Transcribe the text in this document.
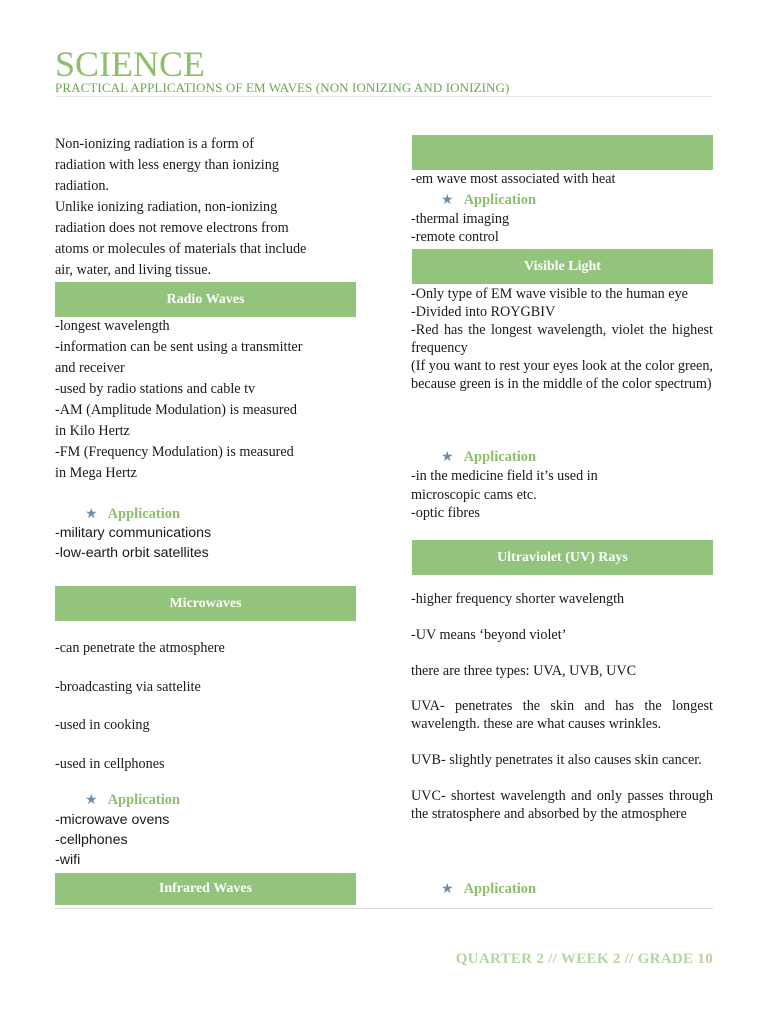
SCIENCE
PRACTICAL APPLICATIONS OF EM WAVES (NON IONIZING AND IONIZING)

Non-ionizing radiation is a form of

radiation with less energy than ionizing

radiation.

Unlike ionizing radiation, non-ionizing

radiation does not remove electrons from

atoms or molecules of materials that include

air, water, and living tissue.

Radio Waves

-longest wavelength

-information can be sent using a transmitter

and receiver

-used by radio stations and cable tv

-AM (Amplitude Modulation) is measured

in Kilo Hertz

-FM (Frequency Modulation) is measured

in Mega Hertz

★ Application

-military communications

-low-earth orbit satellites

Microwaves

-can penetrate the atmosphere

-broadcasting via sattelite

-used in cooking

-used in cellphones

★ Application

-microwave ovens

-cellphones

-wifi

Infrared Waves

-em wave most associated with heat

★ Application

-thermal imaging

-remote control

Visible Light

-Only type of EM wave visible to the human eye

-Divided into ROYGBIV

-Red has the longest wavelength, violet the highest frequency

(If you want to rest your eyes look at the color green, because green is in the middle of the color spectrum)

★ Application

-in the medicine field it’s used in

microscopic cams etc.

-optic fibres

Ultraviolet (UV) Rays

-higher frequency shorter wavelength

-UV means ‘beyond violet’

there are three types: UVA, UVB, UVC

UVA- penetrates the skin and has the longest wavelength. these are what causes wrinkles.

UVB- slightly penetrates it also causes skin cancer.

UVC- shortest wavelength and only passes through the stratosphere and absorbed by the atmosphere

★ Application
QUARTER 2 // WEEK 2 // GRADE 10
